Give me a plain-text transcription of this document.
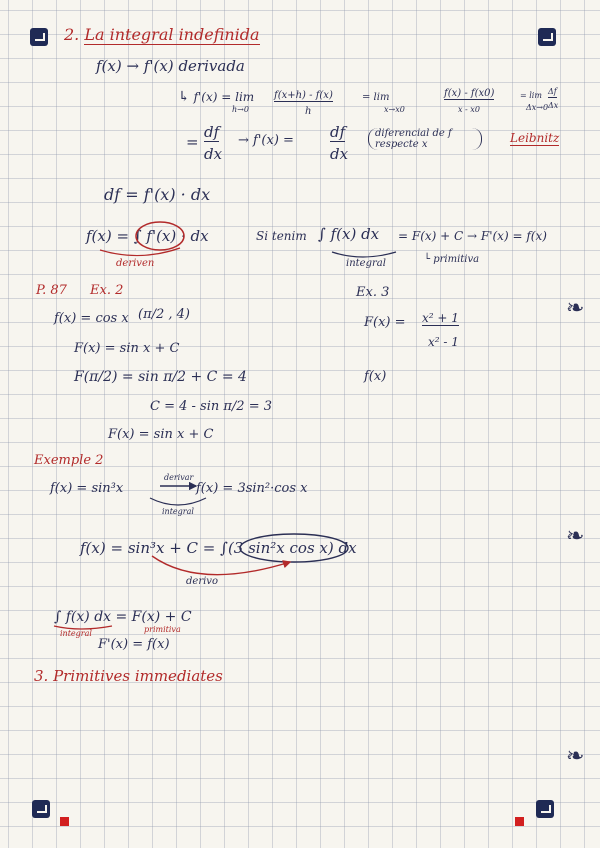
❧
❧
❧
2. La integral indefinida
f(x) → f'(x) derivada
↳ f'(x) = lim
h→0
f(x+h) - f(x)
h
= lim
x→x0
f(x) - f(x0)
x - x0
= lim Δf
Δx
Δx→0
=
df
dx
→ f'(x) = df
dx
diferencial de f respecte x	Leibnitz
df = f'(x) · dx
f(x) = ∫ f'(x) · dx
deriven
Si tenim ∫ f(x) dx = F(x) + C → F'(x) = f(x)
integral	└ primitiva
P. 87 Ex. 2
f(x) = cos x (π/2 , 4)
F(x) = sin x + C
F(π/2) = sin π/2 + C = 4
C = 4 - sin π/2 = 3
F(x) = sin x + C
Ex. 3
F(x) = x² + 1
x² - 1
f(x)
Exemple 2
f(x) = sin³x
derivar
f(x) = 3sin²·cos x
integral
f(x) = sin³x + C = ∫(3 sin²x cos x) dx
derivo
∫ f(x) dx = F(x) + C
integral	primitiva
F'(x) = f(x)
3. Primitives immediates
